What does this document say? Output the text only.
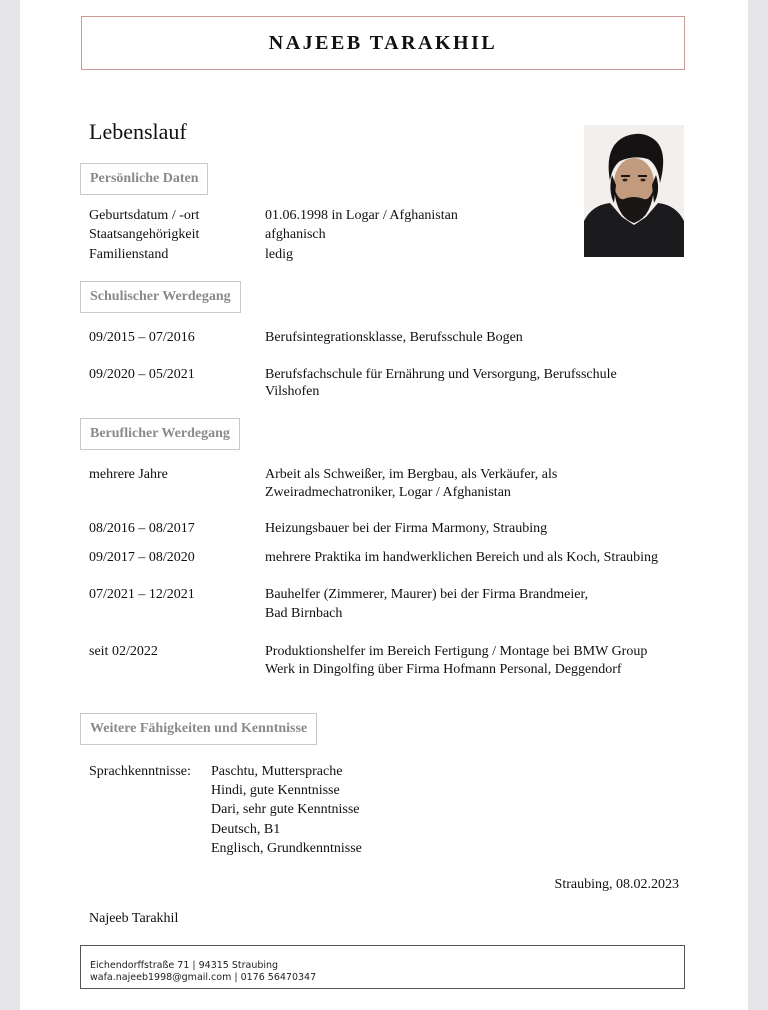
NAJEEB TARAKHIL
Lebenslauf
Persönliche Daten
Geburtsdatum / -ort	01.06.1998 in Logar / Afghanistan
Staatsangehörigkeit	afghanisch
Familienstand	ledig
Schulischer Werdegang
09/2015 – 07/2016	Berufsintegrationsklasse, Berufsschule Bogen
09/2020 – 05/2021	Berufsfachschule für Ernährung und Versorgung, Berufsschule
Vilshofen
Beruflicher Werdegang
mehrere Jahre	Arbeit als Schweißer, im Bergbau, als Verkäufer, als
Zweiradmechatroniker, Logar / Afghanistan
08/2016 – 08/2017	Heizungsbauer bei der Firma Marmony, Straubing
09/2017 – 08/2020	mehrere Praktika im handwerklichen Bereich und als Koch, Straubing
07/2021 – 12/2021	Bauhelfer (Zimmerer, Maurer) bei der Firma Brandmeier,
Bad Birnbach
seit 02/2022	Produktionshelfer im Bereich Fertigung / Montage bei BMW Group
Werk in Dingolfing über Firma Hofmann Personal, Deggendorf
Weitere Fähigkeiten und Kenntnisse
Sprachkenntnisse: Paschtu, Muttersprache
Hindi, gute Kenntnisse
Dari, sehr gute Kenntnisse
Deutsch, B1
Englisch, Grundkenntnisse
Straubing, 08.02.2023
Najeeb Tarakhil
Eichendorffstraße 71 | 94315 Straubing
wafa.najeeb1998@gmail.com | 0176 56470347
